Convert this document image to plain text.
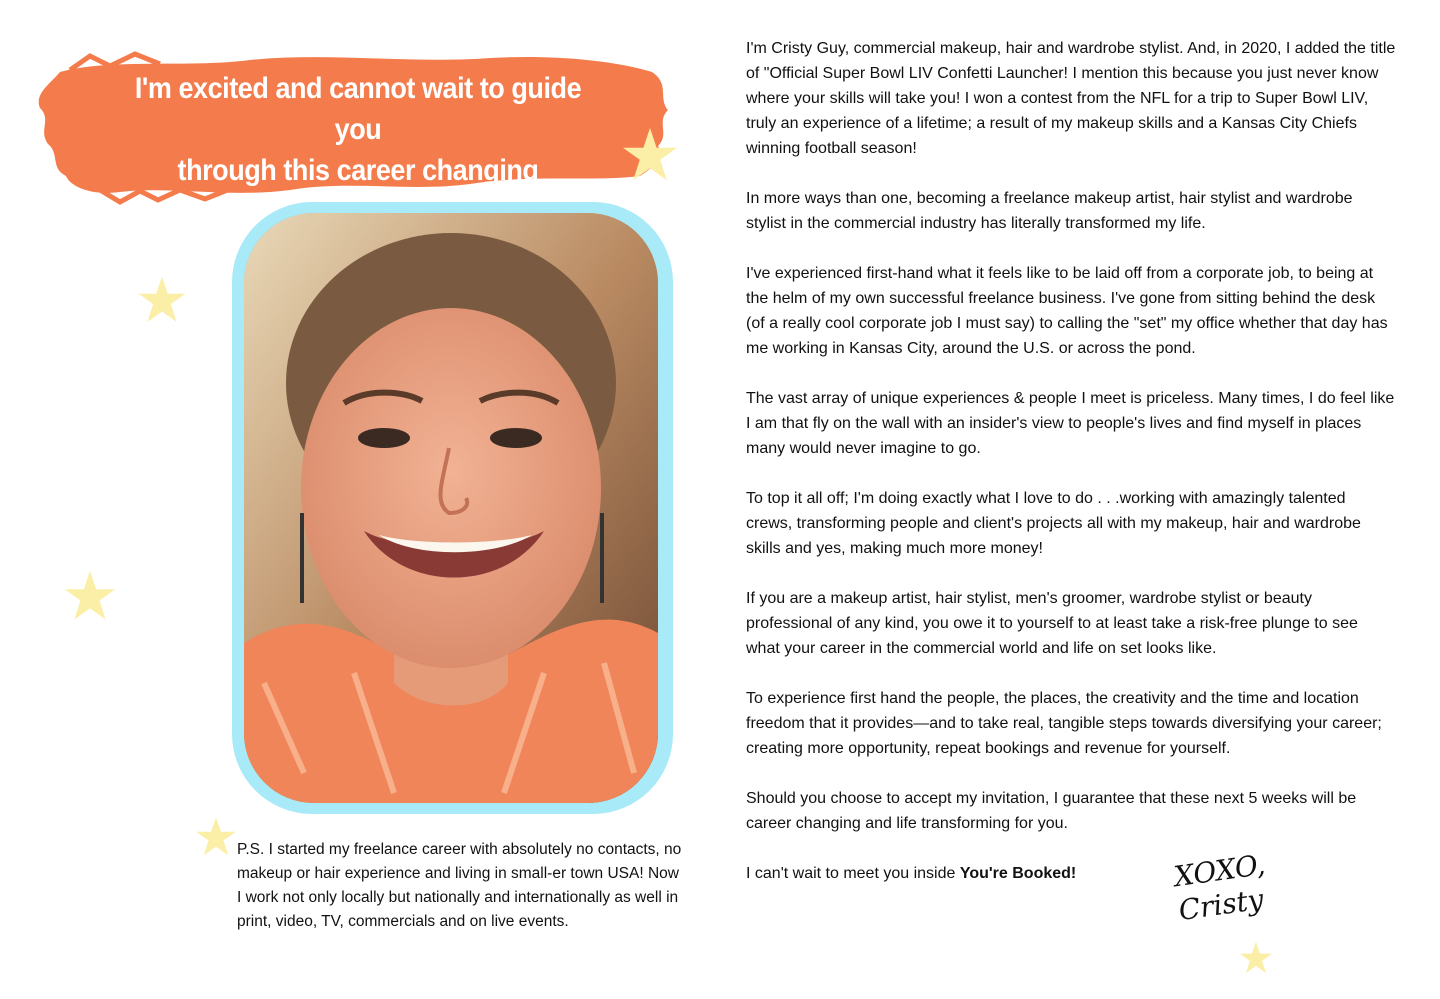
I'm excited and cannot wait to guide you
through this career changing
P.S. I started my freelance career with absolutely no contacts, no makeup or hair experience and living in small-er town USA! Now I work not only locally but nationally and internationally as well in print, video, TV, commercials and on live events.

I'm Cristy Guy, commercial makeup, hair and wardrobe stylist. And, in 2020, I added the title of "Official Super Bowl LIV Confetti Launcher! I mention this because you just never know where your skills will take you! I won a contest from the NFL for a trip to Super Bowl LIV, truly an experience of a lifetime; a result of my makeup skills and a Kansas City Chiefs winning football season!

In more ways than one, becoming a freelance makeup artist, hair stylist and wardrobe stylist in the commercial industry has literally transformed my life.

I've experienced first-hand what it feels like to be laid off from a corporate job, to being at the helm of my own successful freelance business. I've gone from sitting behind the desk (of a really cool corporate job I must say) to calling the "set" my office whether that day has me working in Kansas City, around the U.S. or across the pond.

The vast array of unique experiences & people I meet is priceless. Many times, I do feel like I am that fly on the wall with an insider's view to people's lives and find myself in places many would never imagine to go.

To top it all off; I'm doing exactly what I love to do . . .working with amazingly talented crews, transforming people and client's projects all with my makeup, hair and wardrobe skills and yes, making much more money!

If you are a makeup artist, hair stylist, men's groomer, wardrobe stylist or beauty professional of any kind, you owe it to yourself to at least take a risk-free plunge to see what your career in the commercial world and life on set looks like.

To experience first hand the people, the places, the creativity and the time and location freedom that it provides—and to take real, tangible steps towards diversifying your career; creating more opportunity, repeat bookings and revenue for yourself.

Should you choose to accept my invitation, I guarantee that these next 5 weeks will be career changing and life transforming for you.

I can't wait to meet you inside You're Booked!	XOXO,
Cristy
